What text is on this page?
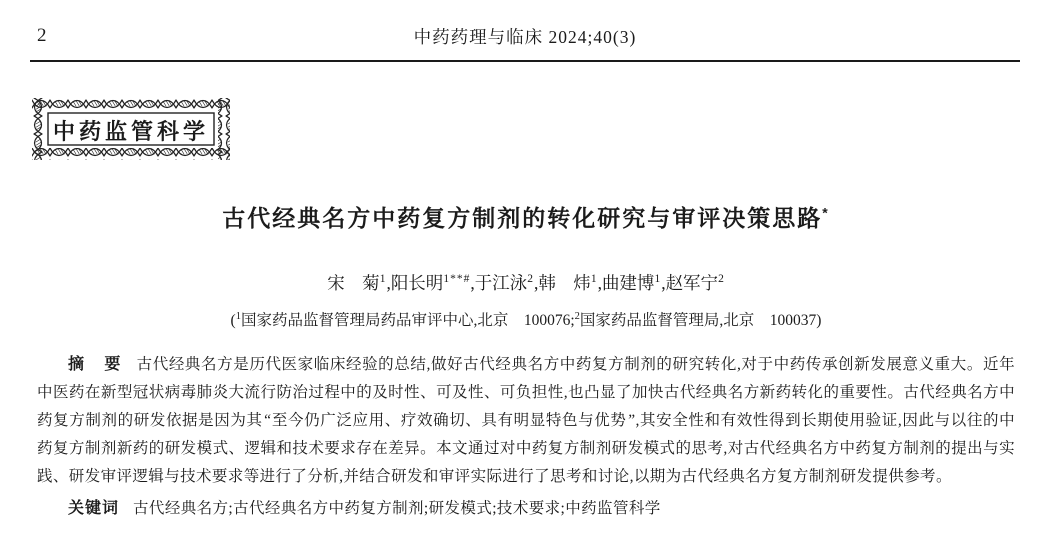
2	中药药理与临床 2024;40(3)
中药监管科学
古代经典名方中药复方制剂的转化研究与审评决策思路*

宋　菊$^1$,阳长明$^{1**\#}$,于江泳$^2$,韩　炜$^1$,曲建博$^1$,赵军宁$^2$

($^1$国家药品监督管理局药品审评中心,北京　100076;$^2$国家药品监督管理局,北京　100037)

摘　要 古代经典名方是历代医家临床经验的总结,做好古代经典名方中药复方制剂的研究转化,对于中药传承创新发展意义重大。近年中医药在新型冠状病毒肺炎大流行防治过程中的及时性、可及性、可负担性,也凸显了加快古代经典名方新药转化的重要性。古代经典名方中药复方制剂的研发依据是因为其“至今仍广泛应用、疗效确切、具有明显特色与优势”,其安全性和有效性得到长期使用验证,因此与以往的中药复方制剂新药的研发模式、逻辑和技术要求存在差异。本文通过对中药复方制剂研发模式的思考,对古代经典名方中药复方制剂的提出与实践、研发审评逻辑与技术要求等进行了分析,并结合研发和审评实际进行了思考和讨论,以期为古代经典名方复方制剂研发提供参考。

关键词 古代经典名方;古代经典名方中药复方制剂;研发模式;技术要求;中药监管科学
